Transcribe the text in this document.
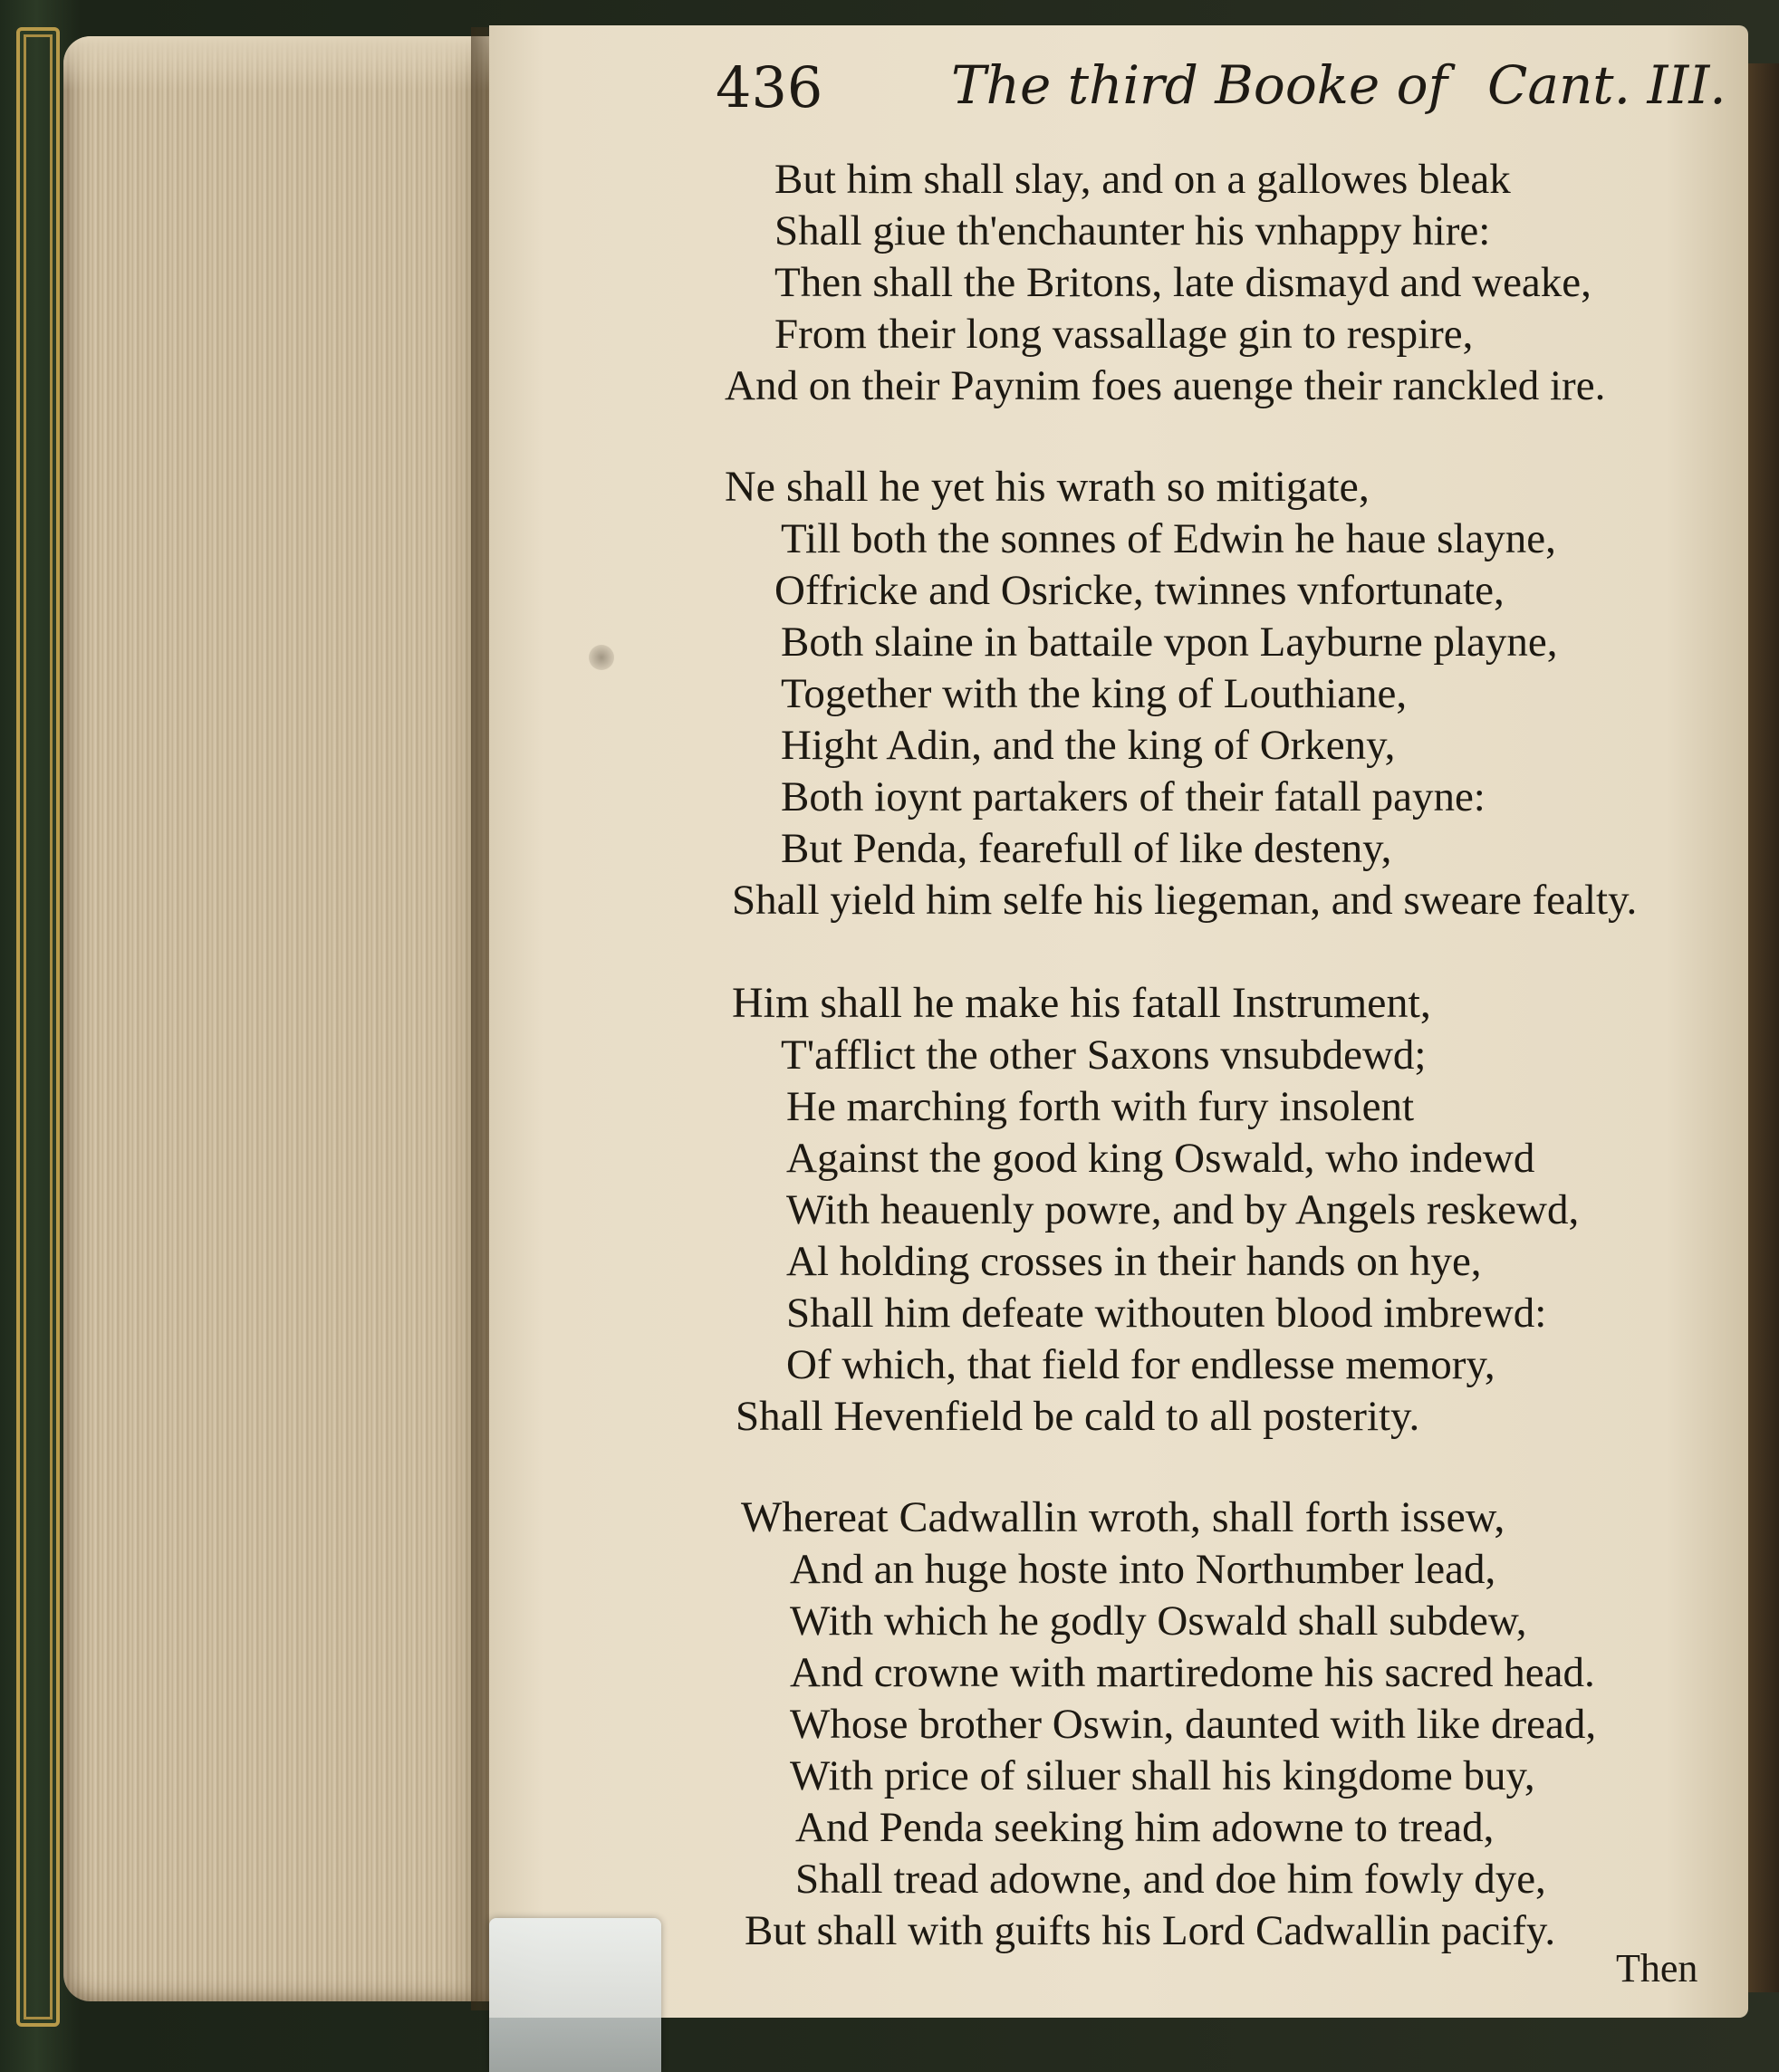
436 The third Booke of Cant. III.
But him shall slay, and on a gallowes bleak
Shall giue th'enchaunter his vnhappy hire:
Then shall the Britons, late dismayd and weake,
From their long vassallage gin to respire,
And on their Paynim foes auenge their ranckled ire.
Ne shall he yet his wrath so mitigate,
Till both the sonnes of Edwin he haue slayne,
Offricke and Osricke, twinnes vnfortunate,
Both slaine in battaile vpon Layburne playne,
Together with the king of Louthiane,
Hight Adin, and the king of Orkeny,
Both ioynt partakers of their fatall payne:
But Penda, fearefull of like desteny,
Shall yield him selfe his liegeman, and sweare fealty.
Him shall he make his fatall Instrument,
T'afflict the other Saxons vnsubdewd;
He marching forth with fury insolent
Against the good king Oswald, who indewd
With heauenly powre, and by Angels reskewd,
Al holding crosses in their hands on hye,
Shall him defeate withouten blood imbrewd:
Of which, that field for endlesse memory,
Shall Hevenfield be cald to all posterity.
Whereat Cadwallin wroth, shall forth issew,
And an huge hoste into Northumber lead,
With which he godly Oswald shall subdew,
And crowne with martiredome his sacred head.
Whose brother Oswin, daunted with like dread,
With price of siluer shall his kingdome buy,
And Penda seeking him adowne to tread,
Shall tread adowne, and doe him fowly dye,
But shall with guifts his Lord Cadwallin pacify.
Then
